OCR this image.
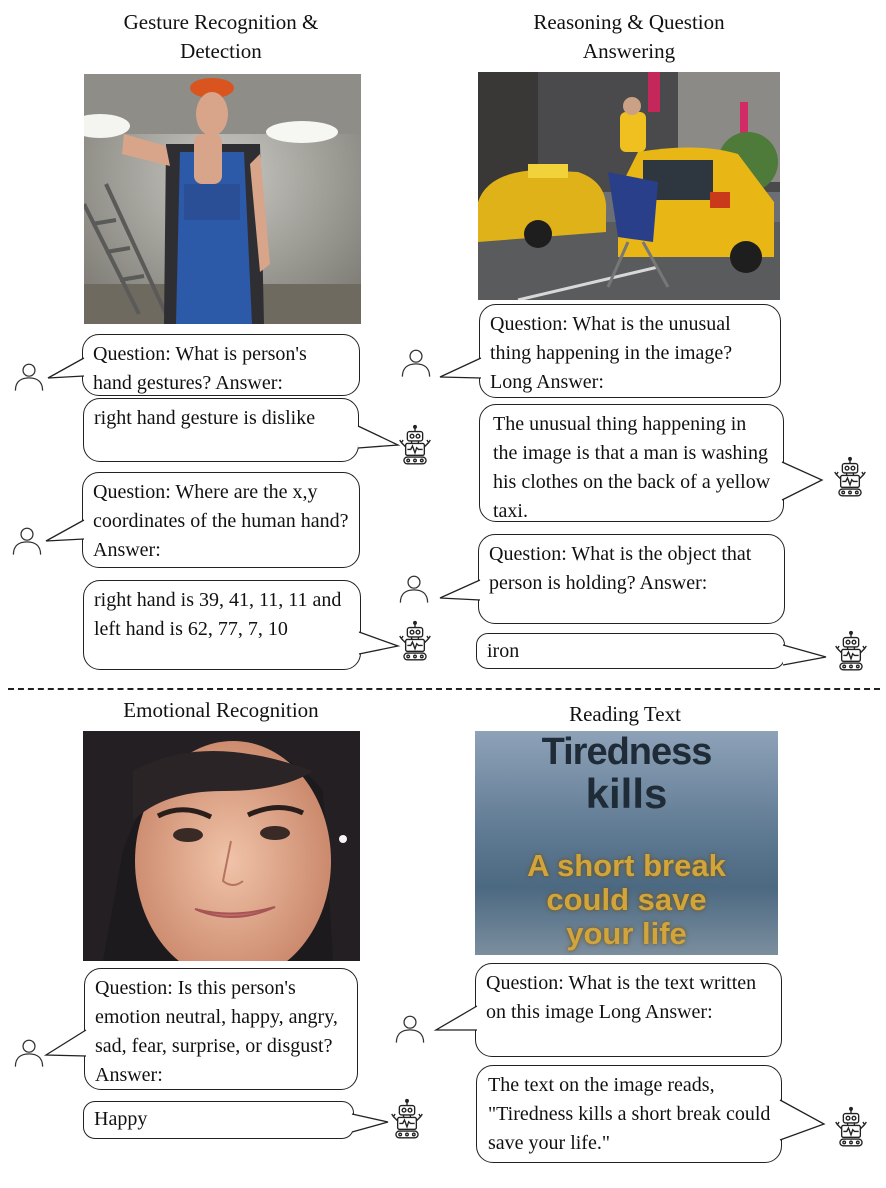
Gesture Recognition & Detection
Question: What is person's hand gestures? Answer:
right hand gesture is dislike
Question: Where are the x,y coordinates of the human hand? Answer:
right hand is 39, 41, 11, 11 and left hand is 62, 77, 7, 10
Reasoning & Question Answering
Question: What is the unusual thing happening in the image? Long Answer:
The unusual thing happening in the image is that a man is washing his clothes on the back of a yellow taxi.
Question: What is the object that person is holding? Answer:
iron
Emotional Recognition
Question: Is this person's emotion neutral, happy, angry, sad, fear, surprise, or disgust? Answer:
Happy
Reading Text
Tiredness
kills
A short break
could save
your life
Question: What is the text written on this image Long Answer:
The text on the image reads, "Tiredness kills a short break could save your life."
